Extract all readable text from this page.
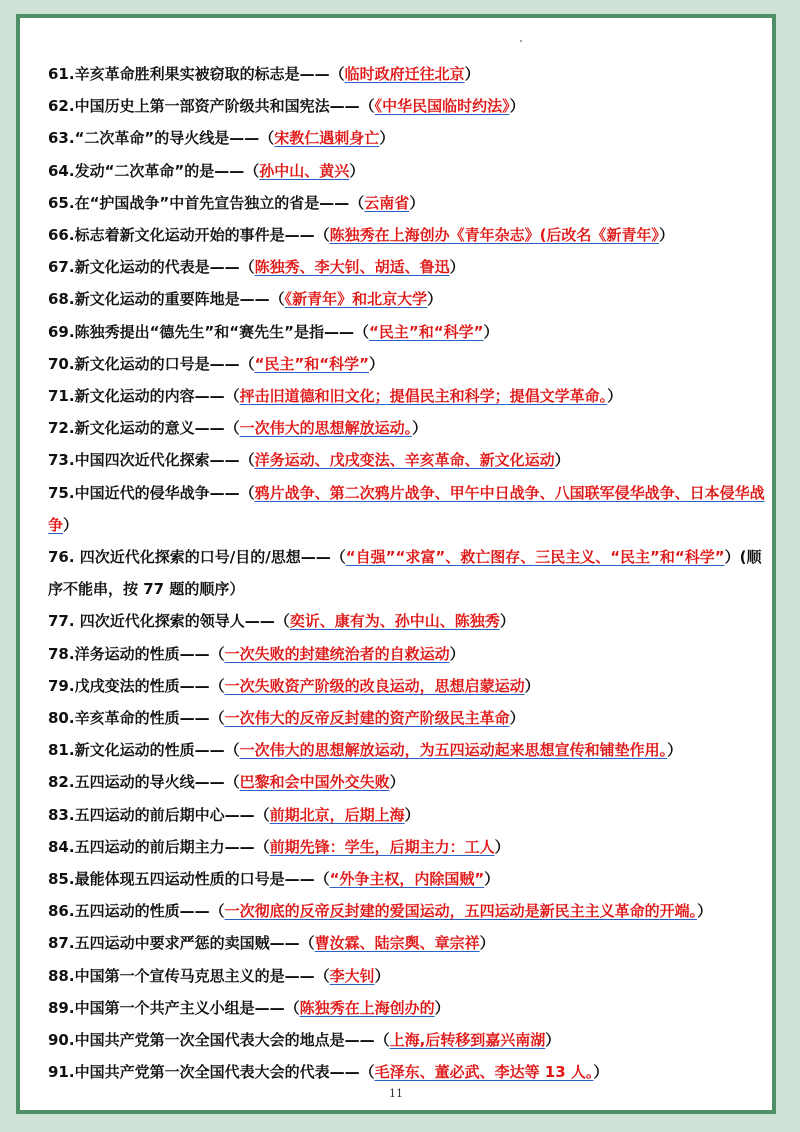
61.辛亥革命胜利果实被窃取的标志是——（临时政府迁往北京）
62.中国历史上第一部资产阶级共和国宪法——（《中华民国临时约法》）
63.“二次革命”的导火线是——（宋教仁遇刺身亡）
64.发动“二次革命”的是——（孙中山、黄兴）
65.在“护国战争”中首先宣告独立的省是——（云南省）
66.标志着新文化运动开始的事件是——（陈独秀在上海创办《青年杂志》(后改名《新青年》）
67.新文化运动的代表是——（陈独秀、李大钊、胡适、鲁迅）
68.新文化运动的重要阵地是——（《新青年》和北京大学）
69.陈独秀提出“德先生”和“赛先生”是指——（“民主”和“科学”）
70.新文化运动的口号是——（“民主”和“科学”）
71.新文化运动的内容——（抨击旧道德和旧文化；提倡民主和科学；提倡文学革命。）
72.新文化运动的意义——（一次伟大的思想解放运动。）
73.中国四次近代化探索——（洋务运动、戊戌变法、辛亥革命、新文化运动）
75.中国近代的侵华战争——（鸦片战争、第二次鸦片战争、甲午中日战争、八国联军侵华战争、日本侵华战争）
76. 四次近代化探索的口号/目的/思想——（“自强”“求富”、救亡图存、三民主义、“民主”和“科学”）(顺序不能串，按 77 题的顺序）
77. 四次近代化探索的领导人——（奕䜣、康有为、孙中山、陈独秀）
78.洋务运动的性质——（一次失败的封建统治者的自救运动）
79.戊戌变法的性质——（一次失败资产阶级的改良运动，思想启蒙运动）
80.辛亥革命的性质——（一次伟大的反帝反封建的资产阶级民主革命）
81.新文化运动的性质——（一次伟大的思想解放运动，为五四运动起来思想宣传和铺垫作用。）
82.五四运动的导火线——（巴黎和会中国外交失败）
83.五四运动的前后期中心——（前期北京，后期上海）
84.五四运动的前后期主力——（前期先锋：学生，后期主力：工人）
85.最能体现五四运动性质的口号是——（“外争主权，内除国贼”）
86.五四运动的性质——（一次彻底的反帝反封建的爱国运动，五四运动是新民主主义革命的开端。）
87.五四运动中要求严惩的卖国贼——（曹汝霖、陆宗舆、章宗祥）
88.中国第一个宣传马克思主义的是——（李大钊）
89.中国第一个共产主义小组是——（陈独秀在上海创办的）
90.中国共产党第一次全国代表大会的地点是——（上海,后转移到嘉兴南湖）
91.中国共产党第一次全国代表大会的代表——（毛泽东、董必武、李达等 13 人。）
11
